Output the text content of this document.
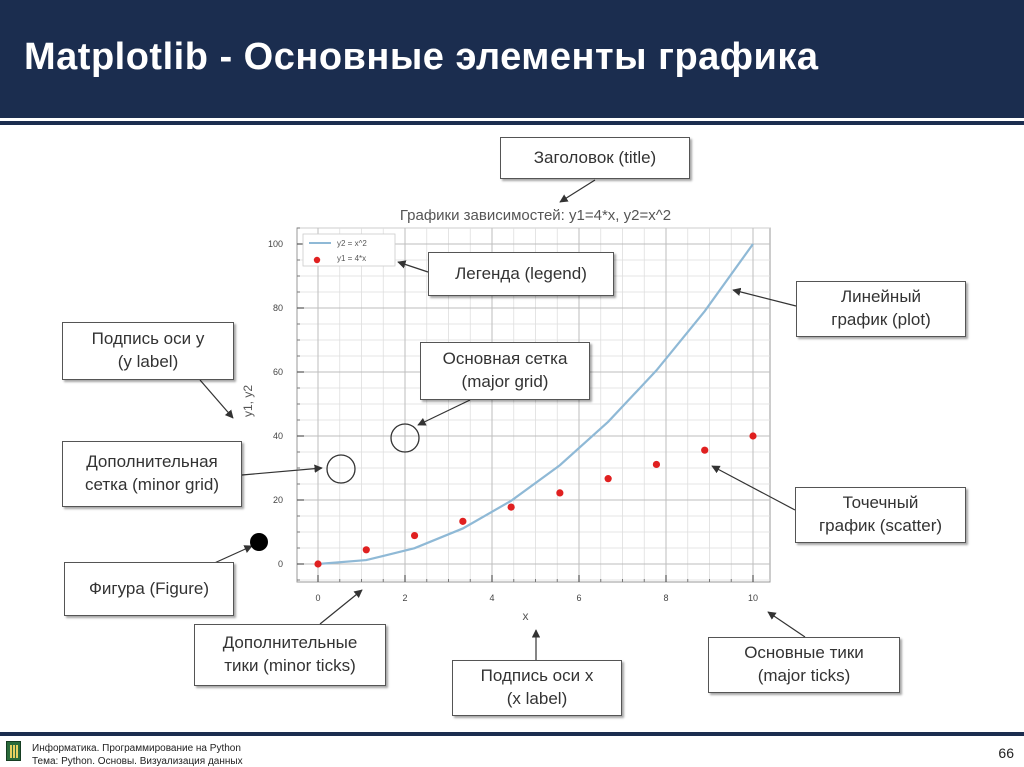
Matplotlib - Основные элементы графика
0	2	4	6	8	10
0
20
40
60
80
100
Графики зависимостей: y1=4*x, y2=x^2
x
y1, y2
y2 = x^2
y1 = 4*x
Заголовок (title)
Легенда (legend)
Подпись оси y
(y label)	Основная сетка
(major grid)
Дополнительная
сетка (minor grid)
Фигура (Figure)
Дополнительные
тики (minor ticks)
Подпись оси x
(x label)
Основные тики
(major ticks)
Линейный
график (plot)
Точечный
график (scatter)
Информатика. Программирование на Python
Тема: Python. Основы. Визуализация данных
66
